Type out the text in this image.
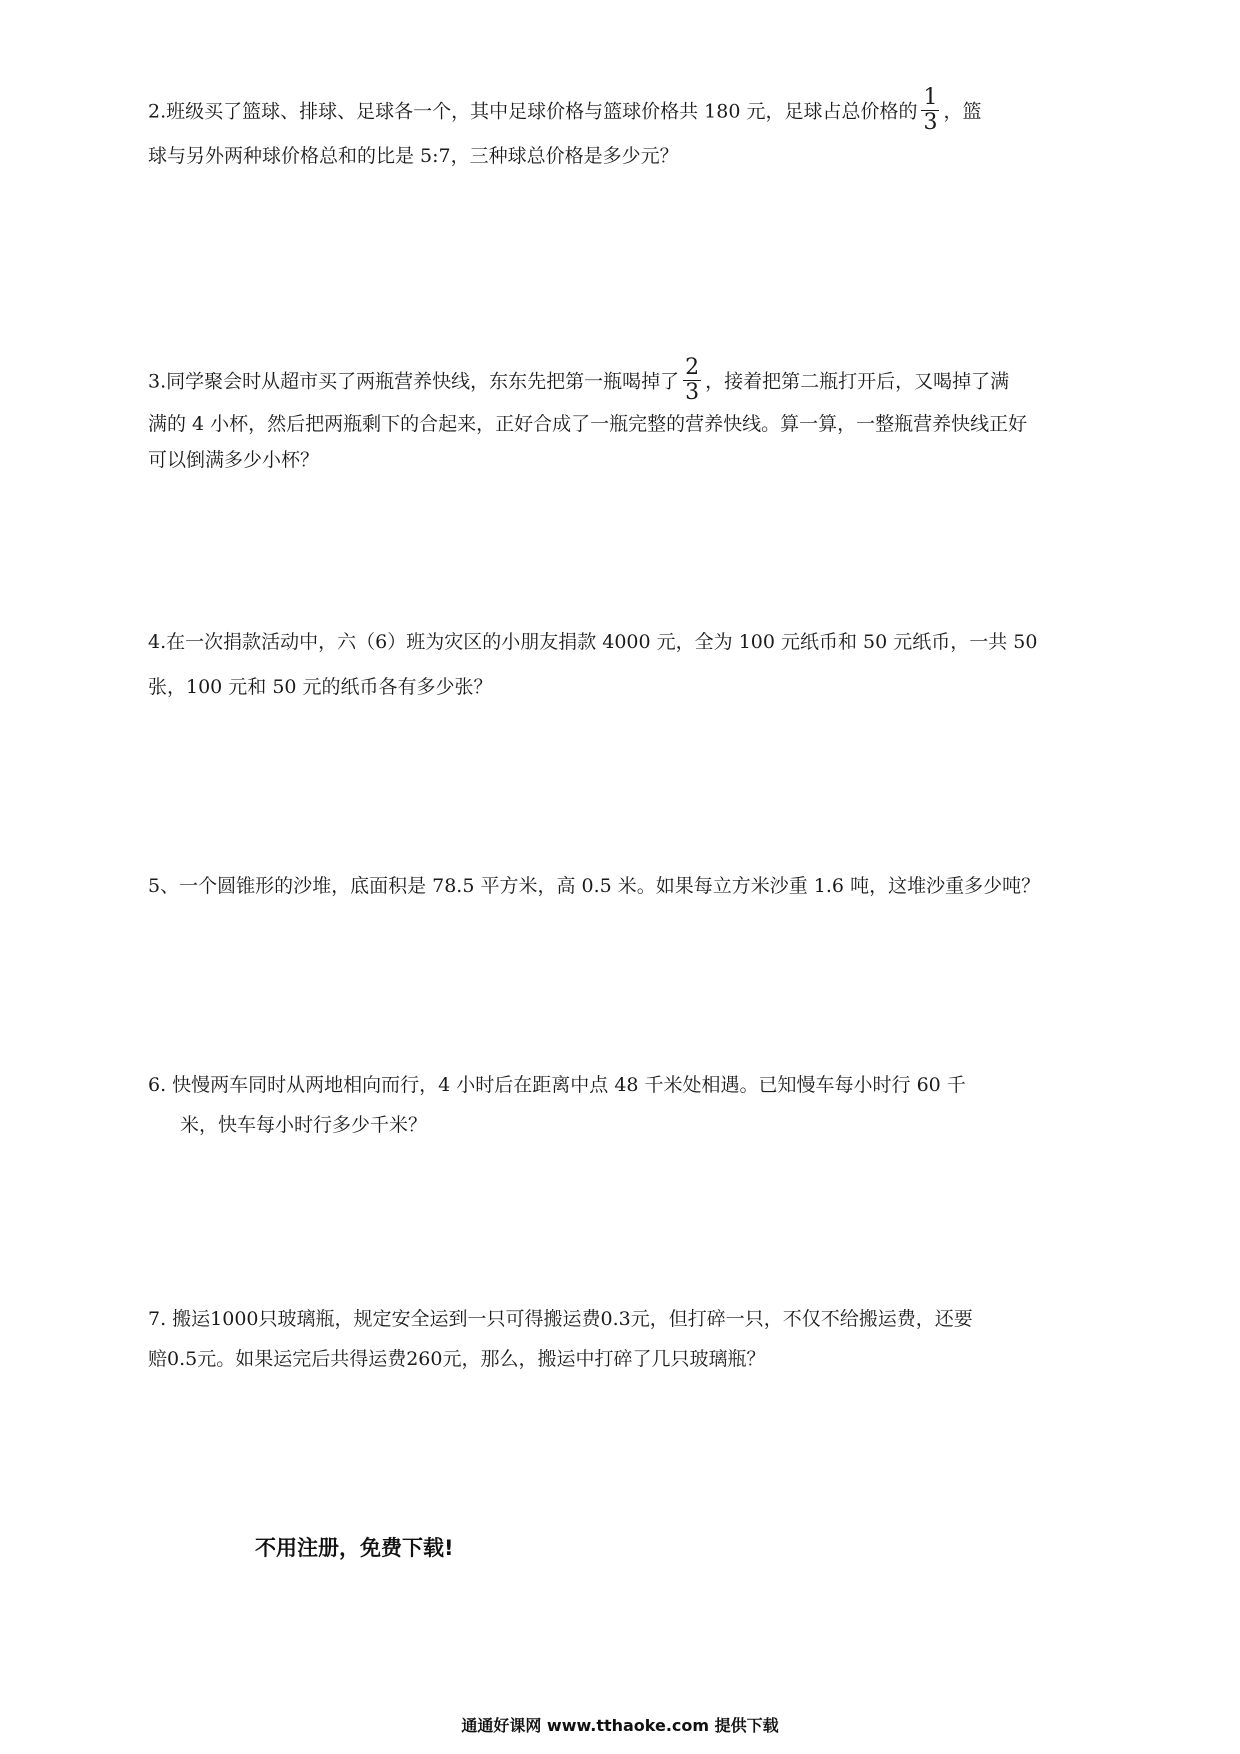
2.班级买了篮球、排球、足球各一个，其中足球价格与篮球价格共 180 元，足球占总价格的 $\frac{1}{3}$ ，篮
球与另外两种球价格总和的比是 5:7，三种球总价格是多少元？
3.同学聚会时从超市买了两瓶营养快线，东东先把第一瓶喝掉了 $\frac{2}{3}$ ，接着把第二瓶打开后，又喝掉了满
满的 4 小杯，然后把两瓶剩下的合起来，正好合成了一瓶完整的营养快线。算一算，一整瓶营养快线正好
可以倒满多少小杯？
4.在一次捐款活动中，六（6）班为灾区的小朋友捐款 4000 元，全为 100 元纸币和 50 元纸币，一共 50
张，100 元和 50 元的纸币各有多少张？
5、一个圆锥形的沙堆，底面积是 78.5 平方米，高 0.5 米。如果每立方米沙重 1.6 吨，这堆沙重多少吨？
6. 快慢两车同时从两地相向而行，4 小时后在距离中点 48 千米处相遇。已知慢车每小时行 60 千
米，快车每小时行多少千米？
7. 搬运1000只玻璃瓶，规定安全运到一只可得搬运费0.3元，但打碎一只，不仅不给搬运费，还要
赔0.5元。如果运完后共得运费260元，那么，搬运中打碎了几只玻璃瓶？
不用注册，免费下载!
通通好课网 www.tthaoke.com 提供下载
